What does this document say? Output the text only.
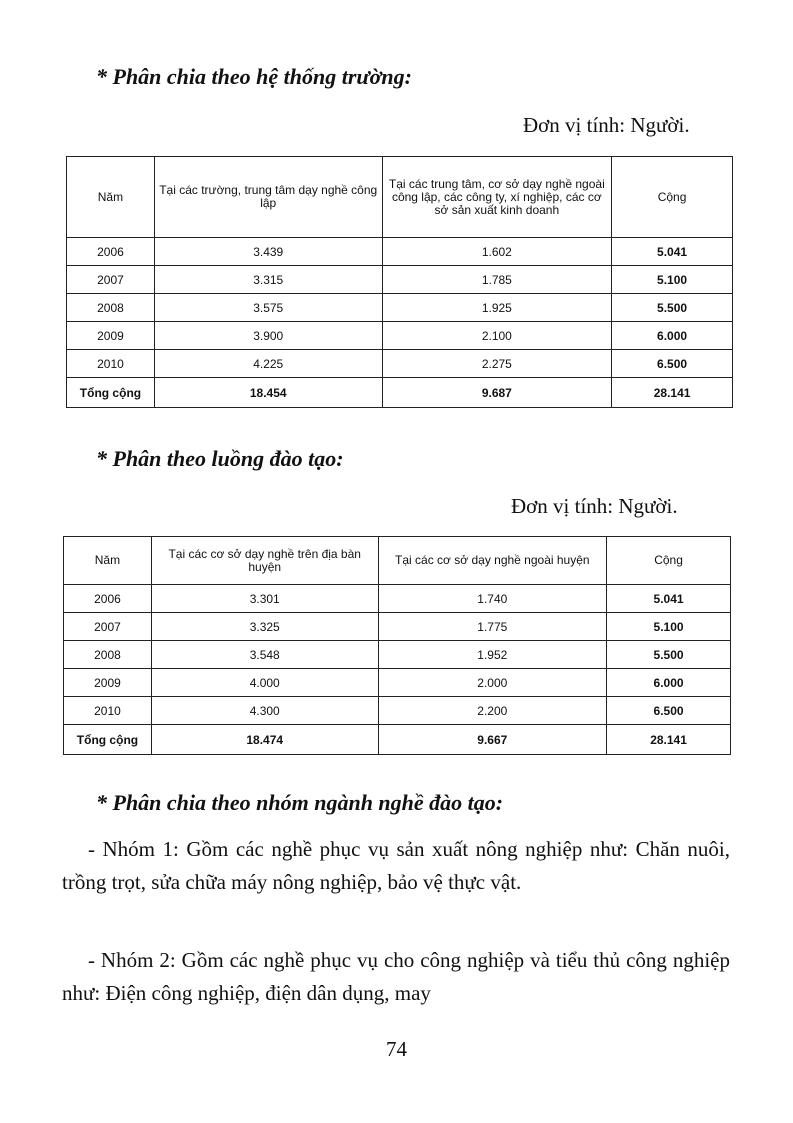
* Phân chia theo hệ thống trường:
Đơn vị tính: Người.
Năm	Tại các trường, trung tâm dạy nghề công lập	Tại các trung tâm, cơ sở dạy nghề ngoài công lập, các công ty, xí nghiệp, các cơ sở sản xuất kinh doanh	Cộng
2006	3.439	1.602	5.041
2007	3.315	1.785	5.100
2008	3.575	1.925	5.500
2009	3.900	2.100	6.000
2010	4.225	2.275	6.500
Tổng cộng	18.454	9.687	28.141
* Phân theo luồng đào tạo:
Đơn vị tính: Người.
Năm	Tại các cơ sở dạy nghề trên địa bàn huyện	Tại các cơ sở dạy nghề ngoài huyện	Cộng
2006	3.301	1.740	5.041
2007	3.325	1.775	5.100
2008	3.548	1.952	5.500
2009	4.000	2.000	6.000
2010	4.300	2.200	6.500
Tổng cộng	18.474	9.667	28.141
* Phân chia theo nhóm ngành nghề đào tạo:

- Nhóm 1: Gồm các nghề phục vụ sản xuất nông nghiệp như: Chăn nuôi, trồng trọt, sửa chữa máy nông nghiệp, bảo vệ thực vật.

- Nhóm 2: Gồm các nghề phục vụ cho công nghiệp và tiểu thủ công nghiệp như: Điện công nghiệp, điện dân dụng, may

74
